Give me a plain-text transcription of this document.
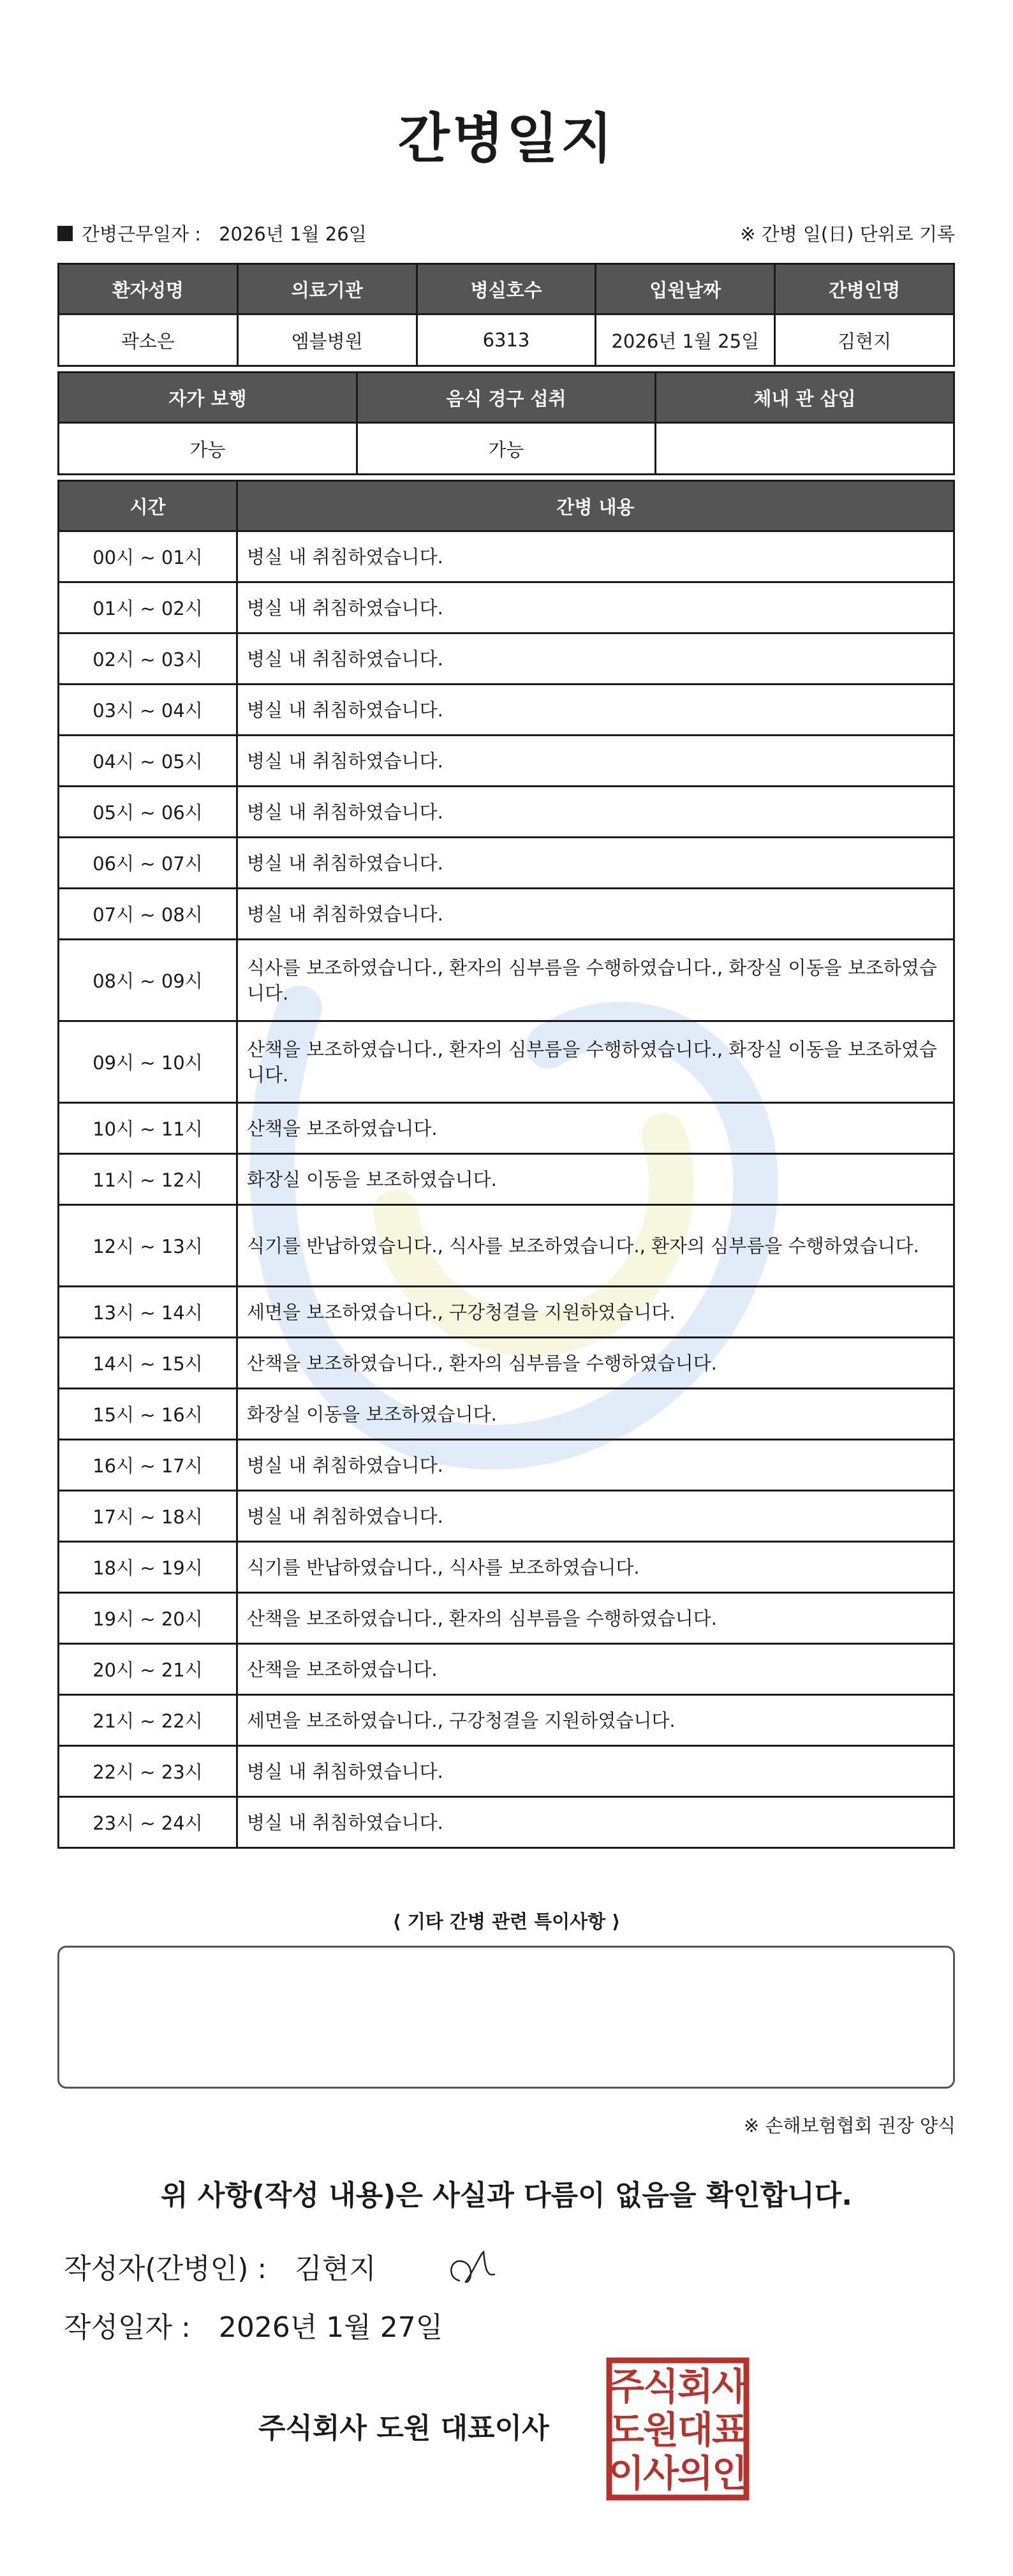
간병일지
간병근무일자 : 2026년 1월 26일	※ 간병 일(日) 단위로 기록
환자성명	의료기관	병실호수	입원날짜	간병인명
곽소은	엠블병원	6313	2026년 1월 25일	김현지
자가 보행	음식 경구 섭취	체내 관 삽입
가능	가능	
시간	간병 내용
00시 ~ 01시	병실 내 취침하였습니다.
01시 ~ 02시	병실 내 취침하였습니다.
02시 ~ 03시	병실 내 취침하였습니다.
03시 ~ 04시	병실 내 취침하였습니다.
04시 ~ 05시	병실 내 취침하였습니다.
05시 ~ 06시	병실 내 취침하였습니다.
06시 ~ 07시	병실 내 취침하였습니다.
07시 ~ 08시	병실 내 취침하였습니다.
08시 ~ 09시	식사를 보조하였습니다., 환자의 심부름을 수행하였습니다., 화장실 이동을 보조하였습니다.
09시 ~ 10시	산책을 보조하였습니다., 환자의 심부름을 수행하였습니다., 화장실 이동을 보조하였습니다.
10시 ~ 11시	산책을 보조하였습니다.
11시 ~ 12시	화장실 이동을 보조하였습니다.
12시 ~ 13시	식기를 반납하였습니다., 식사를 보조하였습니다., 환자의 심부름을 수행하였습니다.
13시 ~ 14시	세면을 보조하였습니다., 구강청결을 지원하였습니다.
14시 ~ 15시	산책을 보조하였습니다., 환자의 심부름을 수행하였습니다.
15시 ~ 16시	화장실 이동을 보조하였습니다.
16시 ~ 17시	병실 내 취침하였습니다.
17시 ~ 18시	병실 내 취침하였습니다.
18시 ~ 19시	식기를 반납하였습니다., 식사를 보조하였습니다.
19시 ~ 20시	산책을 보조하였습니다., 환자의 심부름을 수행하였습니다.
20시 ~ 21시	산책을 보조하였습니다.
21시 ~ 22시	세면을 보조하였습니다., 구강청결을 지원하였습니다.
22시 ~ 23시	병실 내 취침하였습니다.
23시 ~ 24시	병실 내 취침하였습니다.
⟨ 기타 간병 관련 특이사항 ⟩
※ 손해보험협회 권장 양식
위 사항(작성 내용)은 사실과 다름이 없음을 확인합니다.
작성자(간병인) : 김현지
작성일자 : 2026년 1월 27일
주식회사 도원 대표이사
주
식
회
사
도
원
대
표
이
사
의
인
